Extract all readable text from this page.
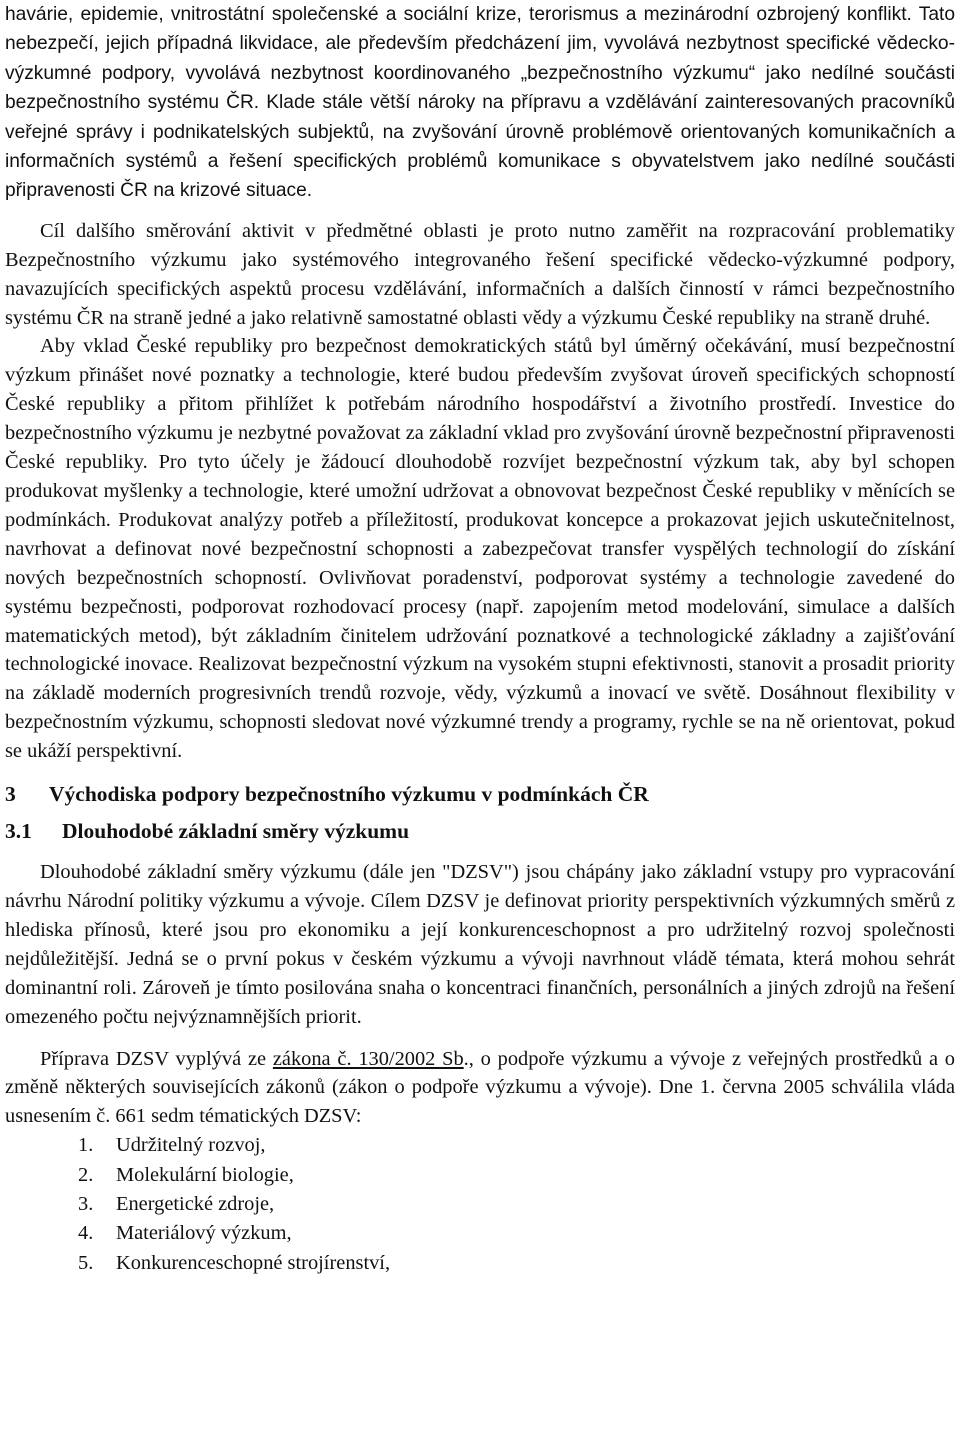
havárie, epidemie, vnitrostátní společenské a sociální krize, terorismus a mezinárodní ozbrojený konflikt. Tato nebezpečí, jejich případná likvidace, ale především předcházení jim, vyvolává nezbytnost specifické vědecko-výzkumné podpory, vyvolává nezbytnost koordinovaného „bezpečnostního výzkumu“ jako nedílné součásti bezpečnostního systému ČR. Klade stále větší nároky na přípravu a vzdělávání zainteresovaných pracovníků veřejné správy i podnikatelských subjektů, na zvyšování úrovně problémově orientovaných komunikačních a informačních systémů a řešení specifických problémů komunikace s obyvatelstvem jako nedílné součásti připravenosti ČR na krizové situace.

Cíl dalšího směrování aktivit v předmětné oblasti je proto nutno zaměřit na rozpracování problematiky Bezpečnostního výzkumu jako systémového integrovaného řešení specifické vědecko-výzkumné podpory, navazujících specifických aspektů procesu vzdělávání, informačních a dalších činností v rámci bezpečnostního systému ČR na straně jedné a jako relativně samostatné oblasti vědy a výzkumu České republiky na straně druhé.

Aby vklad České republiky pro bezpečnost demokratických států byl úměrný očekávání, musí bezpečnostní výzkum přinášet nové poznatky a technologie, které budou především zvyšovat úroveň specifických schopností České republiky a přitom přihlížet k potřebám národního hospodářství a životního prostředí. Investice do bezpečnostního výzkumu je nezbytné považovat za základní vklad pro zvyšování úrovně bezpečnostní připravenosti České republiky. Pro tyto účely je žádoucí dlouhodobě rozvíjet bezpečnostní výzkum tak, aby byl schopen produkovat myšlenky a technologie, které umožní udržovat a obnovovat bezpečnost České republiky v měnících se podmínkách. Produkovat analýzy potřeb a příležitostí, produkovat koncepce a prokazovat jejich uskutečnitelnost, navrhovat a definovat nové bezpečnostní schopnosti a zabezpečovat transfer vyspělých technologií do získání nových bezpečnostních schopností. Ovlivňovat poradenství, podporovat systémy a technologie zavedené do systému bezpečnosti, podporovat rozhodovací procesy (např. zapojením metod modelování, simulace a dalších matematických metod), být základním činitelem udržování poznatkové a technologické základny a zajišťování technologické inovace. Realizovat bezpečnostní výzkum na vysokém stupni efektivnosti, stanovit a prosadit priority na základě moderních progresivních trendů rozvoje, vědy, výzkumů a inovací ve světě. Dosáhnout flexibility v bezpečnostním výzkumu, schopnosti sledovat nové výzkumné trendy a programy, rychle se na ně orientovat, pokud se ukáží perspektivní.

3 Východiska podpory bezpečnostního výzkumu v podmínkách ČR
3.1 Dlouhodobé základní směry výzkumu

Dlouhodobé základní směry výzkumu (dále jen "DZSV") jsou chápány jako základní vstupy pro vypracování návrhu Národní politiky výzkumu a vývoje. Cílem DZSV je definovat priority perspektivních výzkumných směrů z hlediska přínosů, které jsou pro ekonomiku a její konkurenceschopnost a pro udržitelný rozvoj společnosti nejdůležitější. Jedná se o první pokus v českém výzkumu a vývoji navrhnout vládě témata, která mohou sehrát dominantní roli. Zároveň je tímto posilována snaha o koncentraci finančních, personálních a jiných zdrojů na řešení omezeného počtu nejvýznamnějších priorit.

Příprava DZSV vyplývá ze zákona č. 130/2002 Sb., o podpoře výzkumu a vývoje z veřejných prostředků a o změně některých souvisejících zákonů (zákon o podpoře výzkumu a vývoje). Dne 1. června 2005 schválila vláda usnesením č. 661 sedm tématických DZSV:

1. Udržitelný rozvoj,
2. Molekulární biologie,
3. Energetické zdroje,
4. Materiálový výzkum,
5. Konkurenceschopné strojírenství,
